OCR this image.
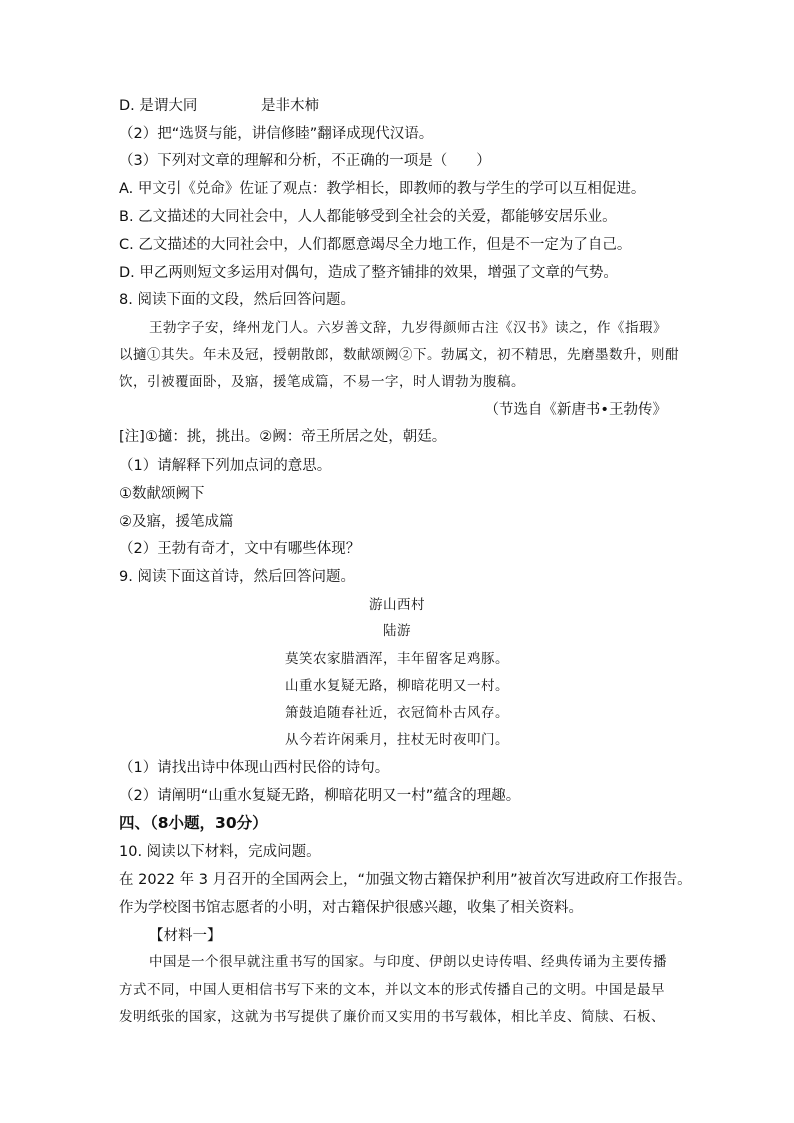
D. 是谓大同	是非木柿
（2）把“选贤与能，讲信修睦”翻译成现代汉语。
（3）下列对文章的理解和分析，不正确的一项是（　　）
A. 甲文引《兑命》佐证了观点：教学相长，即教师的教与学生的学可以互相促进。
B. 乙文描述的大同社会中，人人都能够受到全社会的关爱，都能够安居乐业。
C. 乙文描述的大同社会中，人们都愿意竭尽全力地工作，但是不一定为了自己。
D. 甲乙两则短文多运用对偶句，造成了整齐铺排的效果，增强了文章的气势。
8. 阅读下面的文段，然后回答问题。
王勃字子安，绛州龙门人。六岁善文辞，九岁得颜师古注《汉书》读之，作《指瑕》
以擿①其失。年未及冠，授朝散郎，数献颂阙②下。勃属文，初不精思，先磨墨数升，则酣
饮，引被覆面卧，及寤，援笔成篇，不易一字，时人谓勃为腹稿。
（节选自《新唐书•王勃传》
[注]①擿：挑，挑出。②阙：帝王所居之处，朝廷。
（1）请解释下列加点词的意思。
①数献颂阙下
②及寤，援笔成篇
（2）王勃有奇才，文中有哪些体现？
9. 阅读下面这首诗，然后回答问题。
游山西村
陆游
莫笑农家腊酒浑，丰年留客足鸡豚。
山重水复疑无路，柳暗花明又一村。
箫鼓追随春社近，衣冠简朴古风存。
从今若许闲乘月，拄杖无时夜叩门。
（1）请找出诗中体现山西村民俗的诗句。
（2）请阐明“山重水复疑无路，柳暗花明又一村”蕴含的理趣。
四、（8小题，30分）
10. 阅读以下材料，完成问题。
在 2022 年 3 月召开的全国两会上，“加强文物古籍保护利用”被首次写进政府工作报告。
作为学校图书馆志愿者的小明，对古籍保护很感兴趣，收集了相关资料。
【材料一】
中国是一个很早就注重书写的国家。与印度、伊朗以史诗传唱、经典传诵为主要传播
方式不同，中国人更相信书写下来的文本，并以文本的形式传播自己的文明。中国是最早
发明纸张的国家，这就为书写提供了廉价而又实用的书写载体，相比羊皮、简牍、石板、
